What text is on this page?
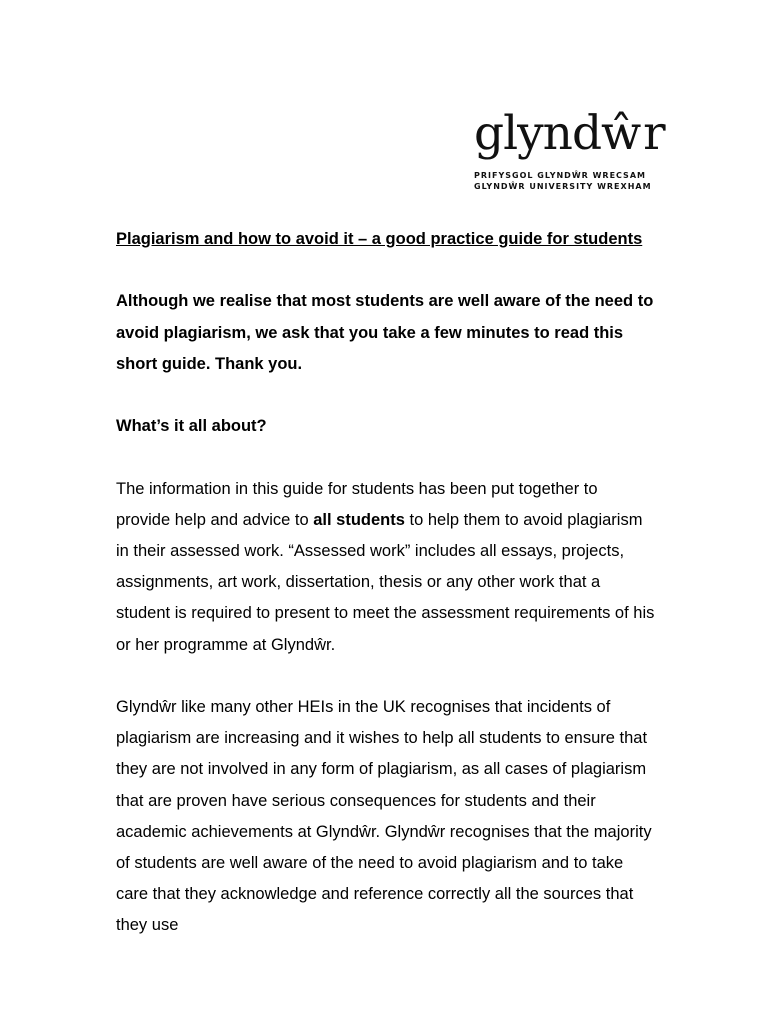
glyndŵr
PRIFYSGOL GLYNDŴR WRECSAM
GLYNDŴR UNIVERSITY WREXHAM

Plagiarism and how to avoid it – a good practice guide for students

Although we realise that most students are well aware of the need to avoid plagiarism, we ask that you take a few minutes to read this short guide. Thank you.

What’s it all about?

The information in this guide for students has been put together to provide help and advice to all students to help them to avoid plagiarism in their assessed work. “Assessed work” includes all essays, projects, assignments, art work, dissertation, thesis or any other work that a student is required to present to meet the assessment requirements of his or her programme at Glyndŵr.

Glyndŵr like many other HEIs in the UK recognises that incidents of plagiarism are increasing and it wishes to help all students to ensure that they are not involved in any form of plagiarism, as all cases of plagiarism that are proven have serious consequences for students and their academic achievements at Glyndŵr. Glyndŵr recognises that the majority of students are well aware of the need to avoid plagiarism and to take care that they acknowledge and reference correctly all the sources that they use
